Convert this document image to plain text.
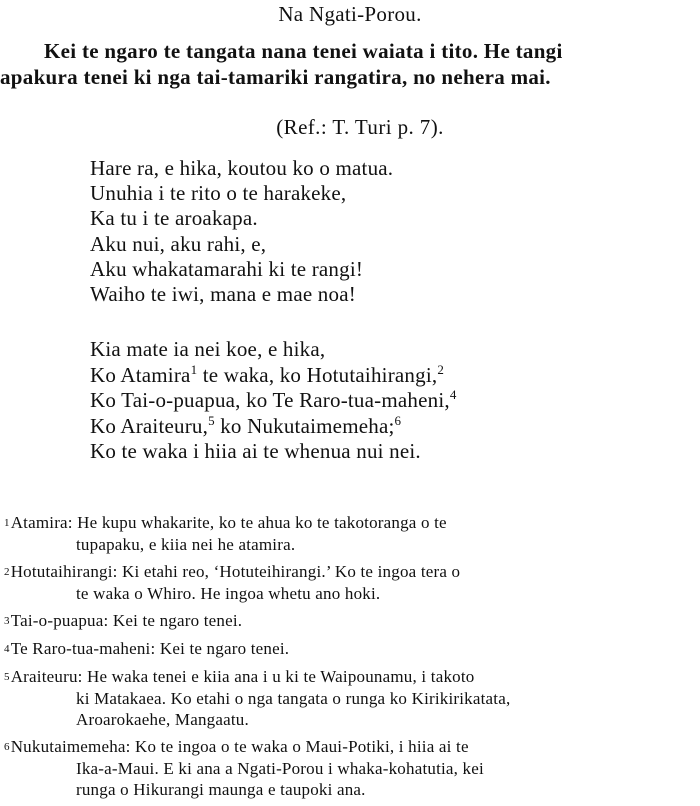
Na Ngati-Porou.
Kei te ngaro te tangata nana tenei waiata i tito. He tangi
apakura tenei ki nga tai-tamariki rangatira, no nehera mai.
(Ref.: T. Turi p. 7).
Hare ra, e hika, koutou ko o matua.
Unuhia i te rito o te harakeke,
Ka tu i te aroakapa.
Aku nui, aku rahi, e,
Aku whakatamarahi ki te rangi!
Waiho te iwi, mana e mae noa!
Kia mate ia nei koe, e hika,
Ko Atamira$^1$ te waka, ko Hotutaihirangi,$^2$
Ko Tai-o-puapua, ko Te Raro-tua-maheni,$^4$
Ko Araiteuru,$^5$ ko Nukutaimemeha;$^6$
Ko te waka i hiia ai te whenua nui nei.
1Atamira: He kupu whakarite, ko te ahua ko te takotoranga o te
tupapaku, e kiia nei he atamira.
2Hotutaihirangi: Ki etahi reo, ‘Hotuteihirangi.’ Ko te ingoa tera o
te waka o Whiro. He ingoa whetu ano hoki.
3Tai-o-puapua: Kei te ngaro tenei.
4Te Raro-tua-maheni: Kei te ngaro tenei.
5Araiteuru: He waka tenei e kiia ana i u ki te Waipounamu, i takoto
ki Matakaea. Ko etahi o nga tangata o runga ko Kirikirikatata,
Aroarokaehe, Mangaatu.
6Nukutaimemeha: Ko te ingoa o te waka o Maui-Potiki, i hiia ai te
Ika-a-Maui. E ki ana a Ngati-Porou i whaka-kohatutia, kei
runga o Hikurangi maunga e taupoki ana.
